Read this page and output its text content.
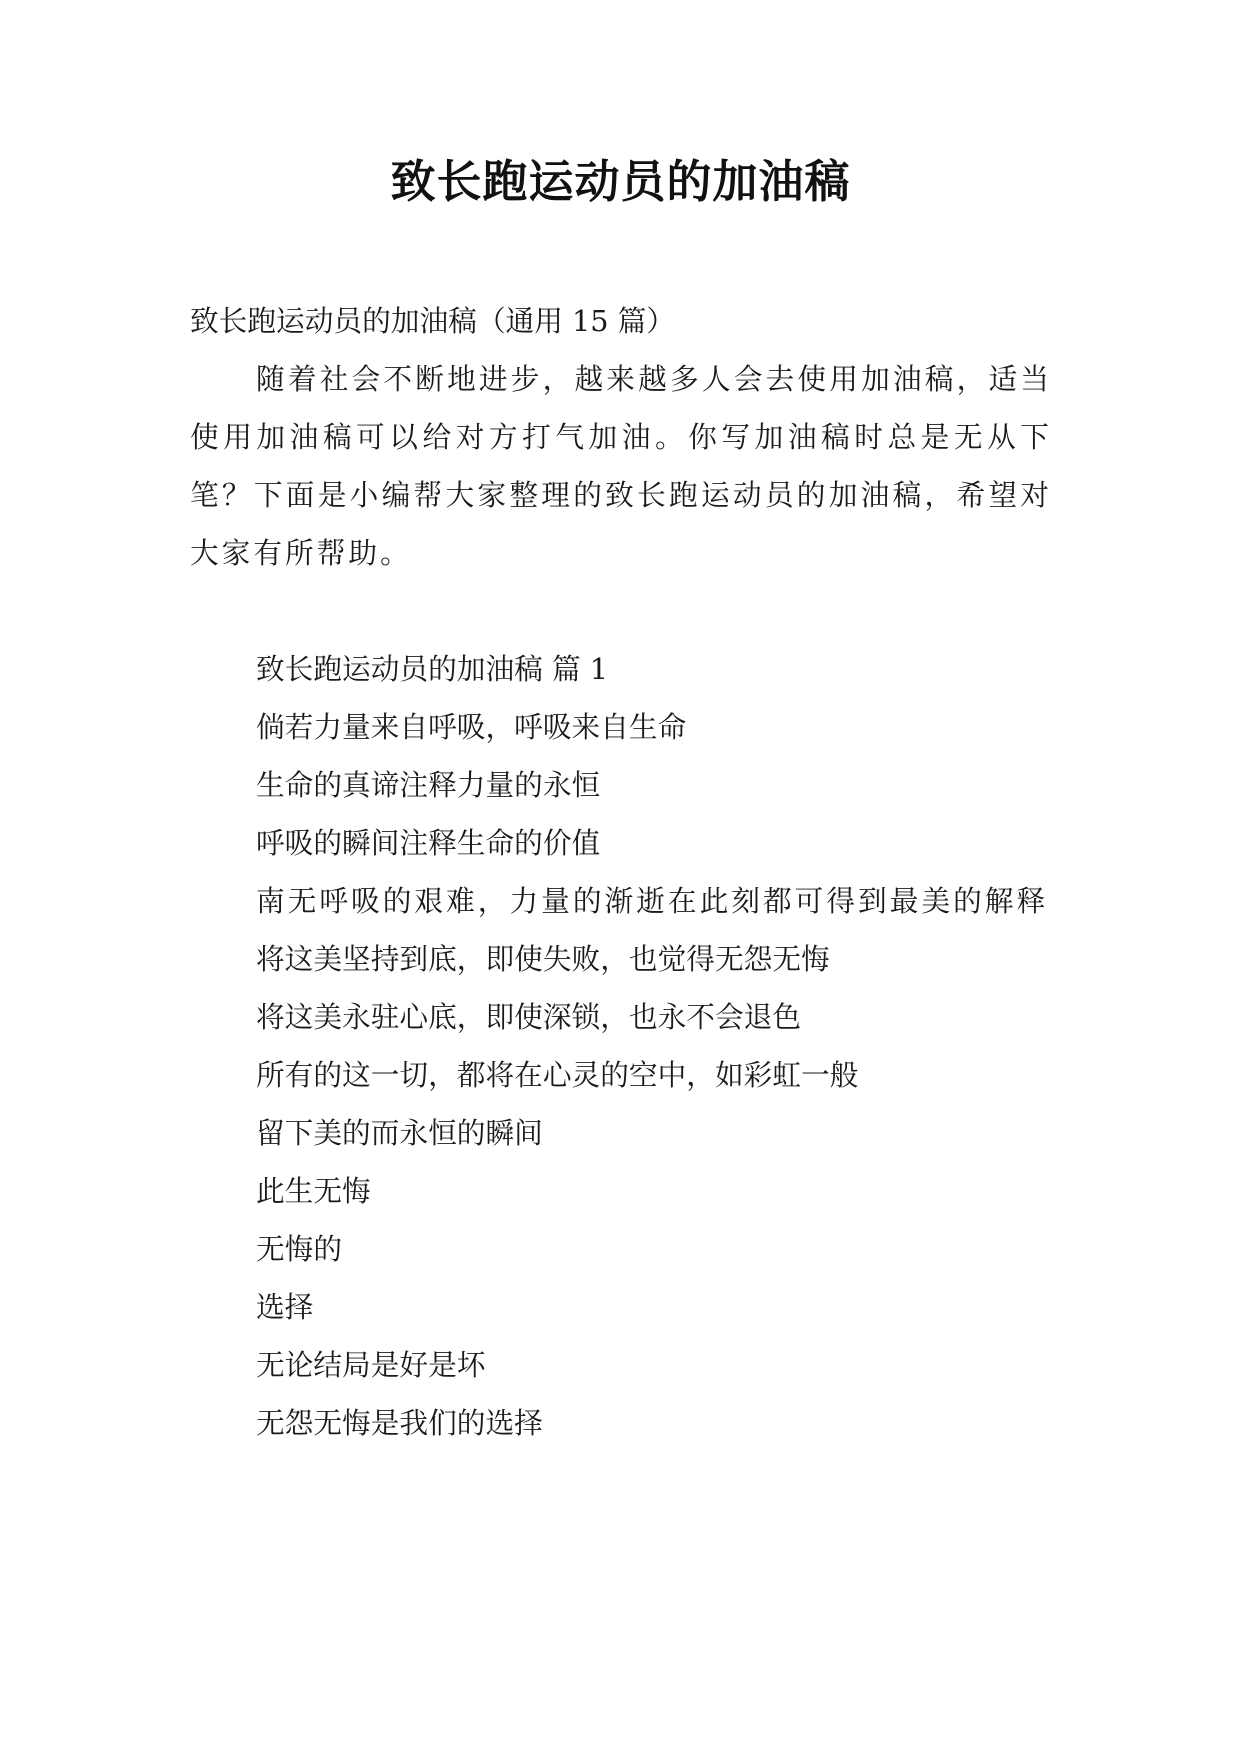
致长跑运动员的加油稿
致长跑运动员的加油稿（通用 15 篇）

随着社会不断地进步，越来越多人会去使用加油稿，适当使用加油稿可以给对方打气加油。你写加油稿时总是无从下笔？下面是小编帮大家整理的致长跑运动员的加油稿，希望对大家有所帮助。

致长跑运动员的加油稿 篇 1
倘若力量来自呼吸，呼吸来自生命
生命的真谛注释力量的永恒
呼吸的瞬间注释生命的价值

南无呼吸的艰难，力量的渐逝在此刻都可得到最美的解释

将这美坚持到底，即使失败，也觉得无怨无悔
将这美永驻心底，即使深锁，也永不会退色
所有的这一切，都将在心灵的空中，如彩虹一般
留下美的而永恒的瞬间
此生无悔
无悔的
选择
无论结局是好是坏
无怨无悔是我们的选择
